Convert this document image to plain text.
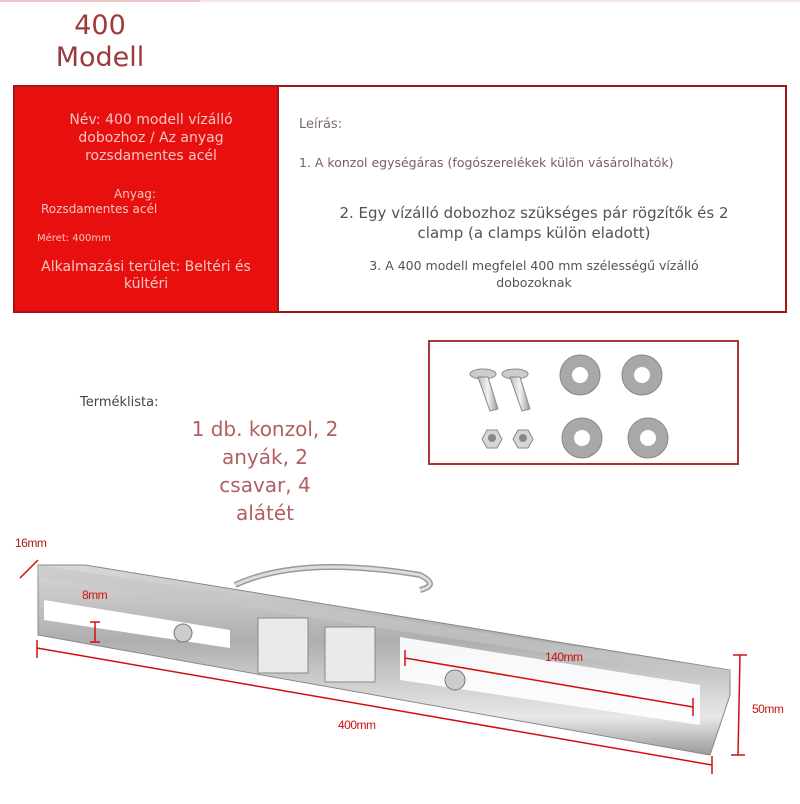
400
Modell
Név: 400 modell vízálló dobozhoz / Az anyag rozsdamentes acél
Anyag:
Rozsdamentes acél
Méret: 400mm
Alkalmazási terület: Beltéri és kültéri
Leírás:
1. A konzol egységáras (fogószerelékek külön vásárolhatók)
2. Egy vízálló dobozhoz szükséges pár rögzítők és 2 clamp (a clamps külön eladott)
3. A 400 modell megfelel 400 mm szélességű vízálló dobozoknak
Terméklista:
1 db. konzol, 2 anyák, 2 csavar, 4 alátét
16mm
8mm
140mm
400mm
50mm
